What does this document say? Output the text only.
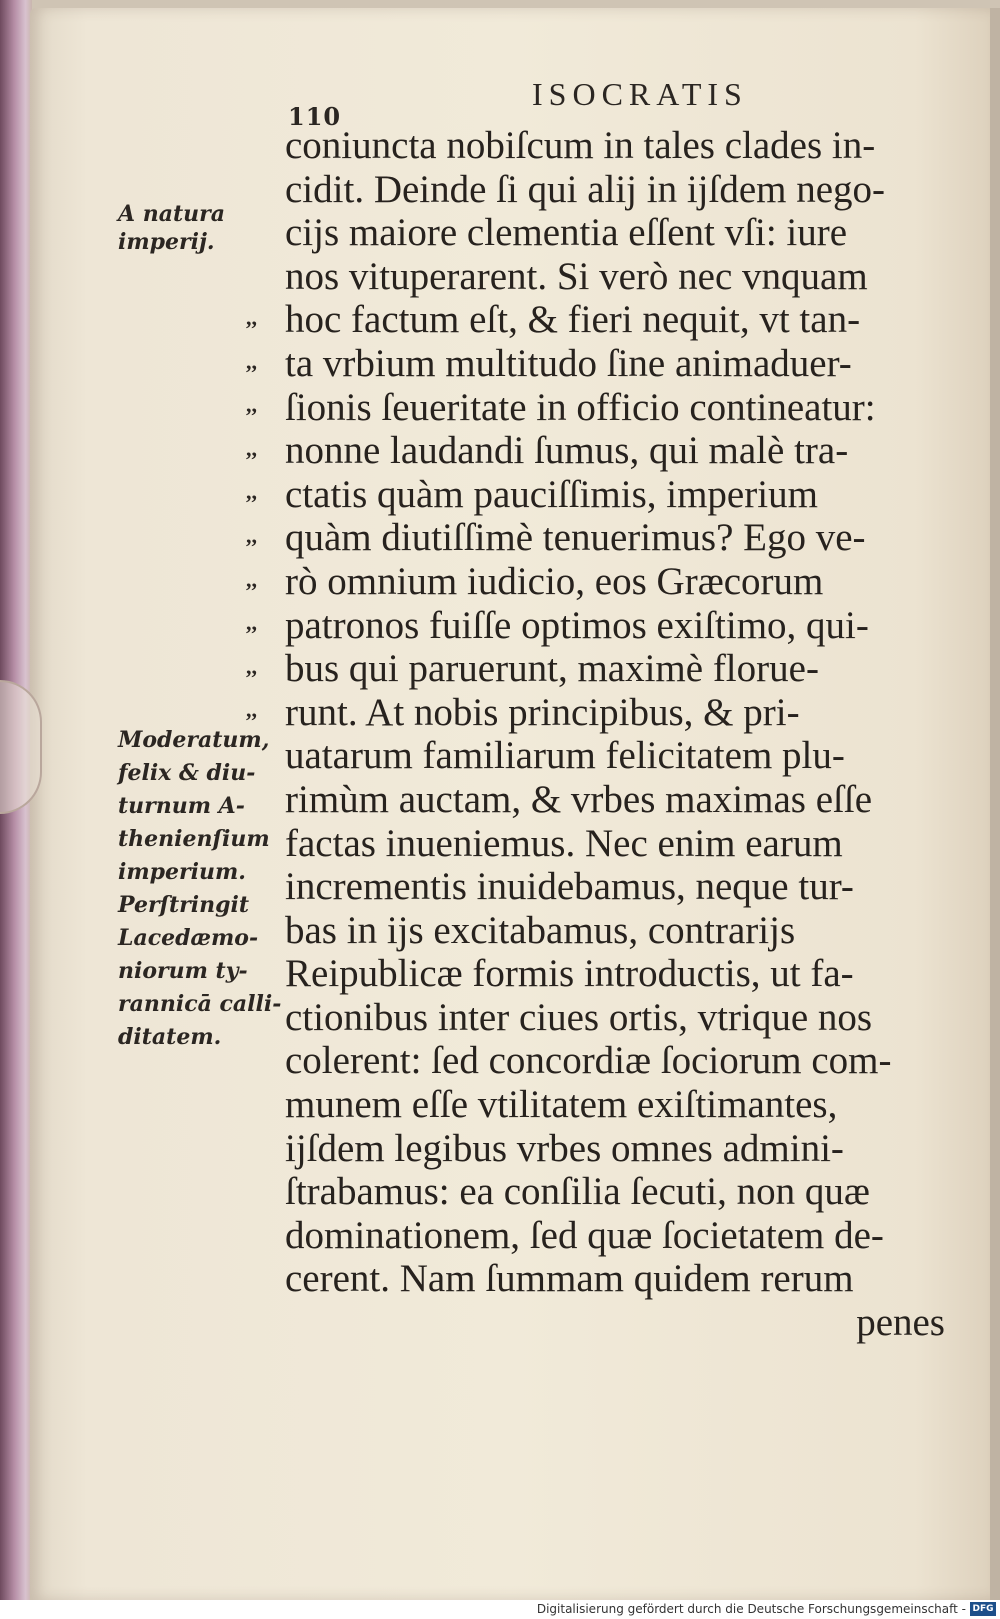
110
ISOCRATIS
A natura
imperij.
Moderatum,
felix & diu-
turnum A-
thenienſium
imperium.
Perſtringit
Lacedæmo-
niorum ty-
rannicā calli-
ditatem.
,,
,,
,,
,,
,,
,,
,,
,,
,,
,,
coniuncta nobiſcum in tales clades in-
cidit. Deinde ſi qui alij in ijſdem nego-
cijs maiore clementia eſſent vſi: iure
nos vituperarent. Si verò nec vnquam
hoc factum eſt, & fieri nequit, vt tan-
ta vrbium multitudo ſine animaduer-
ſionis ſeueritate in officio contineatur:
nonne laudandi ſumus, qui malè tra-
ctatis quàm pauciſſimis, imperium
quàm diutiſſimè tenuerimus? Ego ve-
rò omnium iudicio, eos Græcorum
patronos fuiſſe optimos exiſtimo, qui-
bus qui paruerunt, maximè florue-
runt. At nobis principibus, & pri-
uatarum familiarum felicitatem plu-
rimùm auctam, & vrbes maximas eſſe
factas inueniemus. Nec enim earum
incrementis inuidebamus, neque tur-
bas in ijs excitabamus, contrarijs
Reipublicæ formis introductis, ut fa-
ctionibus inter ciues ortis, vtrique nos
colerent: ſed concordiæ ſociorum com-
munem eſſe vtilitatem exiſtimantes,
ijſdem legibus vrbes omnes admini-
ſtrabamus: ea conſilia ſecuti, non quæ
dominationem, ſed quæ ſocietatem de-
cerent. Nam ſummam quidem rerum
penes
Digitalisierung gefördert durch die Deutsche Forschungsgemeinschaft - DFG
